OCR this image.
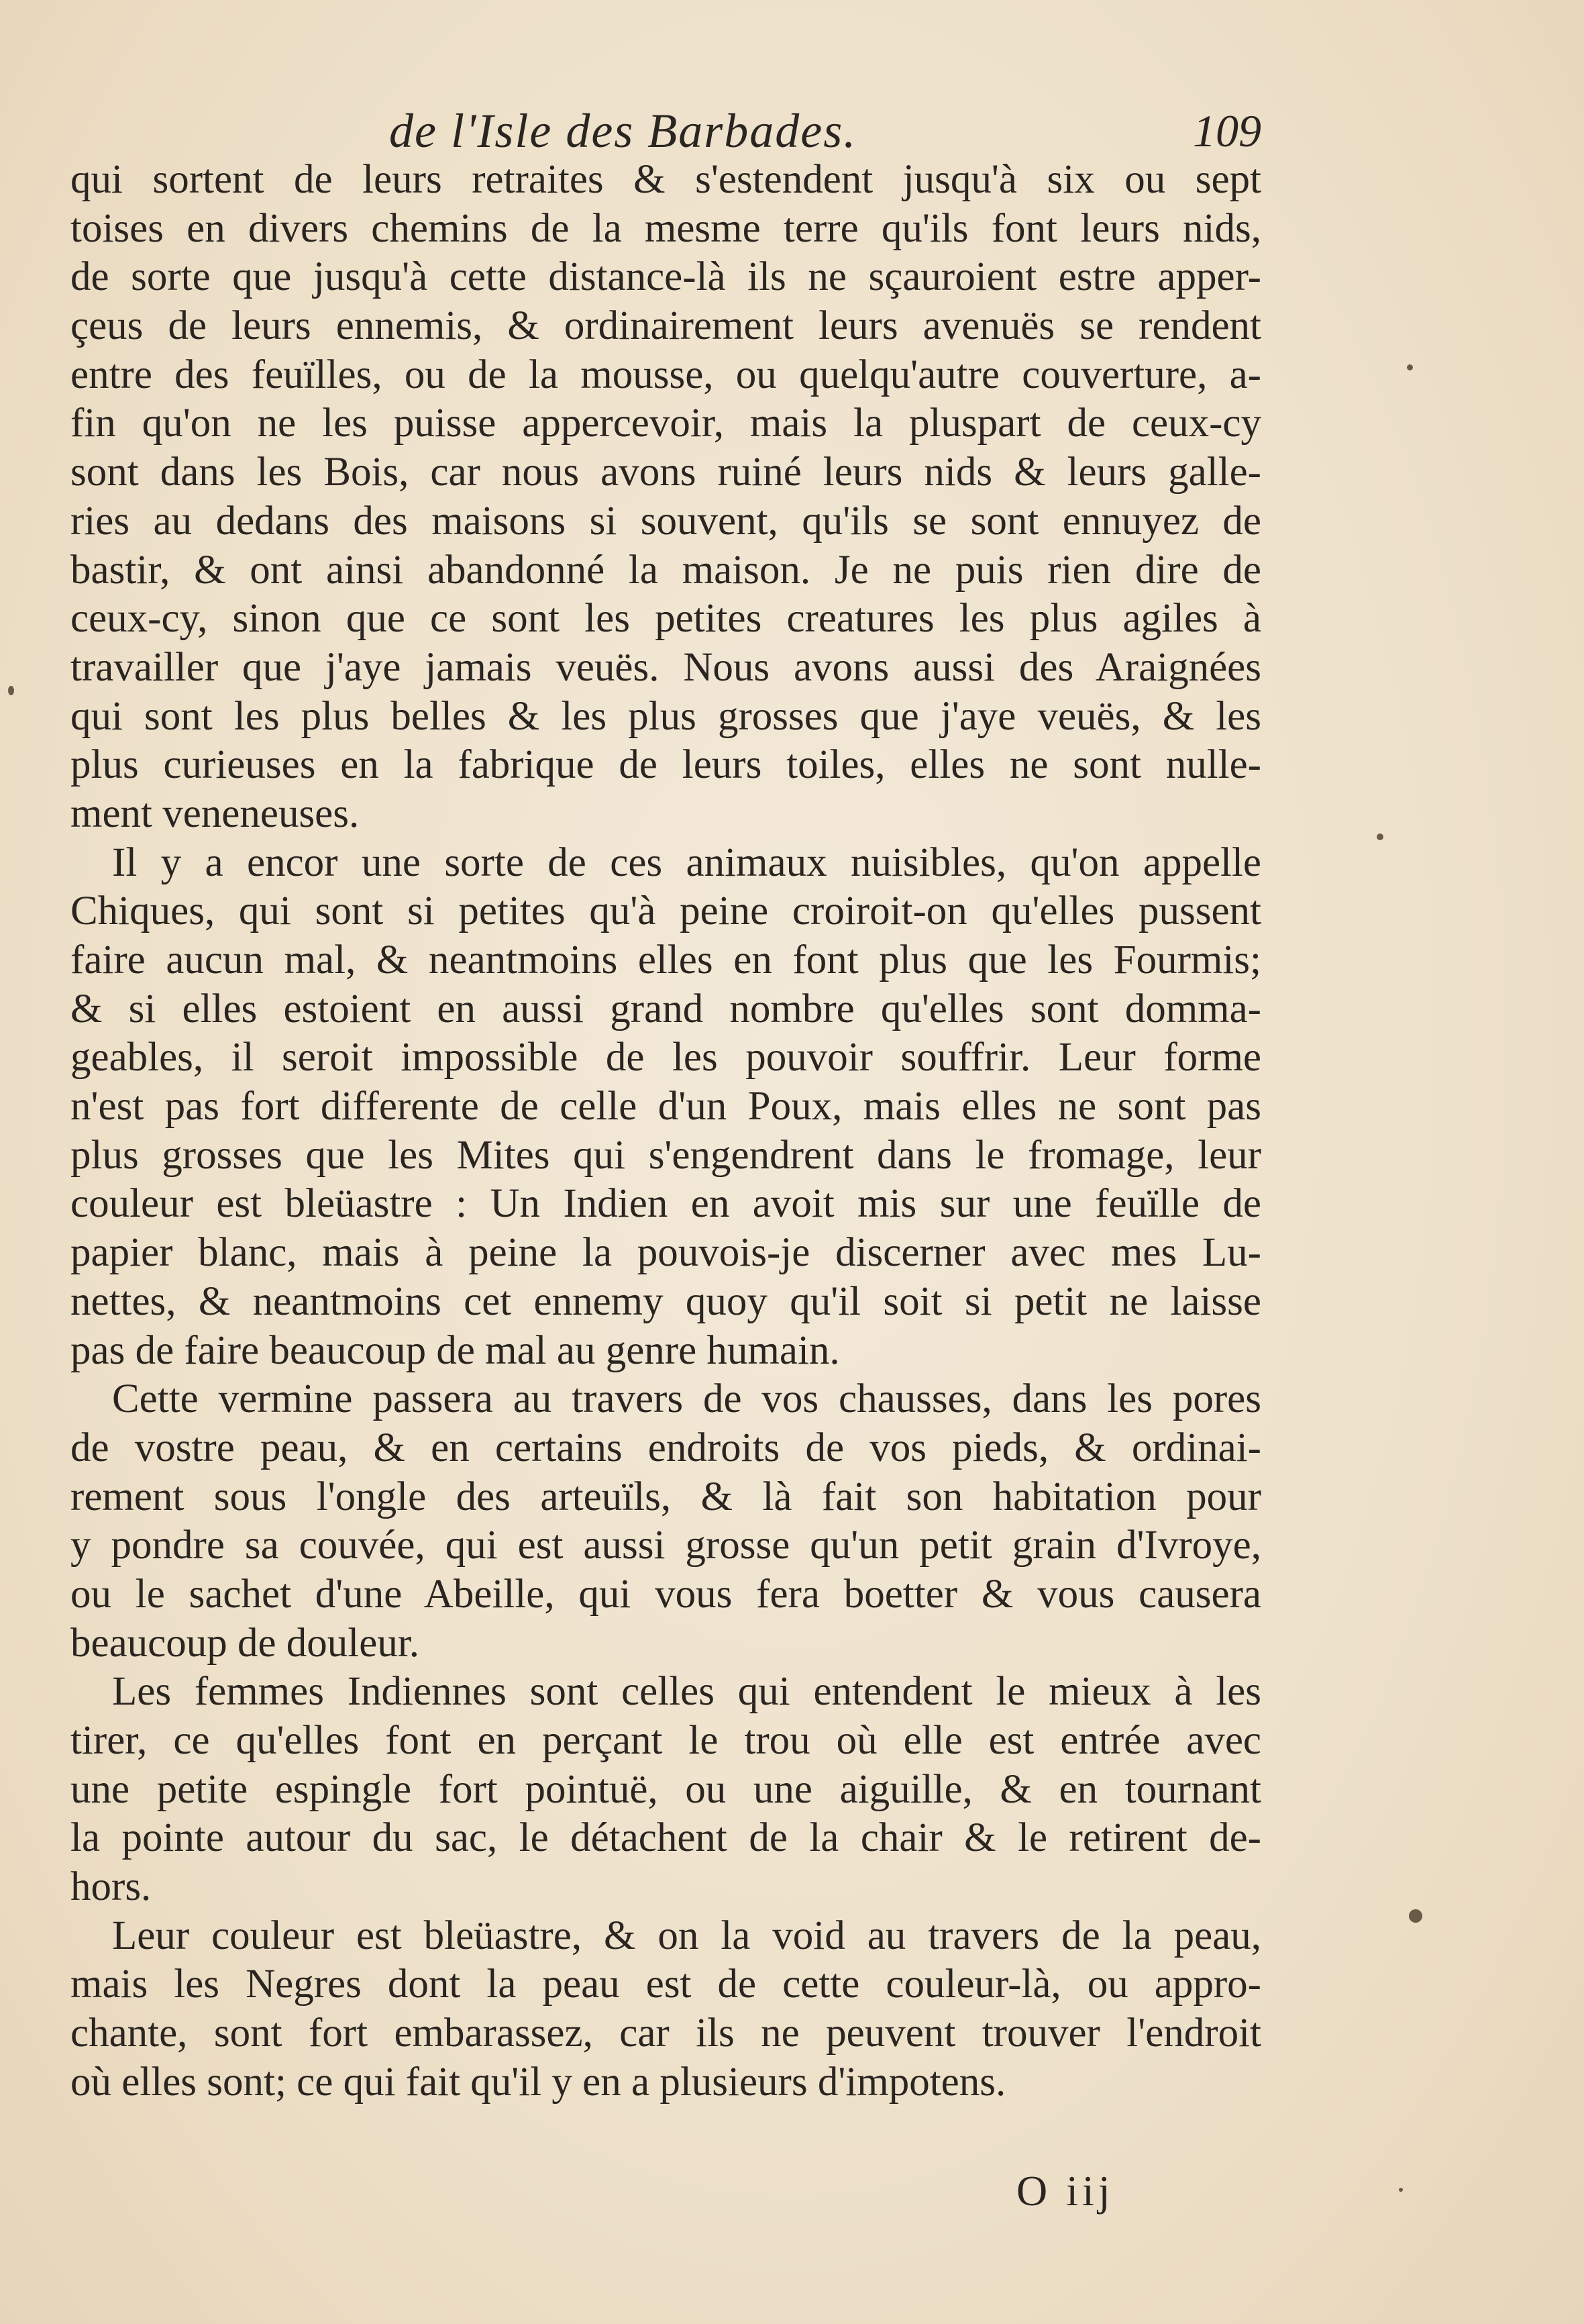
de l'Isle des Barbades.	109
qui sortent de leurs retraites & s'estendent jusqu'à six ou sept
toises en divers chemins de la mesme terre qu'ils font leurs nids,
de sorte que jusqu'à cette distance-là ils ne sçauroient estre apper-
çeus de leurs ennemis, & ordinairement leurs avenuës se rendent
entre des feuïlles, ou de la mousse, ou quelqu'autre couverture, a-
fin qu'on ne les puisse appercevoir, mais la pluspart de ceux-cy
sont dans les Bois, car nous avons ruiné leurs nids & leurs galle-
ries au dedans des maisons si souvent, qu'ils se sont ennuyez de
bastir, & ont ainsi abandonné la maison. Je ne puis rien dire de
ceux-cy, sinon que ce sont les petites creatures les plus agiles à
travailler que j'aye jamais veuës. Nous avons aussi des Araignées
qui sont les plus belles & les plus grosses que j'aye veuës, & les
plus curieuses en la fabrique de leurs toiles, elles ne sont nulle-
ment veneneuses.
Il y a encor une sorte de ces animaux nuisibles, qu'on appelle
Chiques, qui sont si petites qu'à peine croiroit-on qu'elles pussent
faire aucun mal, & neantmoins elles en font plus que les Fourmis;
& si elles estoient en aussi grand nombre qu'elles sont domma-
geables, il seroit impossible de les pouvoir souffrir. Leur forme
n'est pas fort differente de celle d'un Poux, mais elles ne sont pas
plus grosses que les Mites qui s'engendrent dans le fromage, leur
couleur est bleüastre : Un Indien en avoit mis sur une feuïlle de
papier blanc, mais à peine la pouvois-je discerner avec mes Lu-
nettes, & neantmoins cet ennemy quoy qu'il soit si petit ne laisse
pas de faire beaucoup de mal au genre humain.
Cette vermine passera au travers de vos chausses, dans les pores
de vostre peau, & en certains endroits de vos pieds, & ordinai-
rement sous l'ongle des arteuïls, & là fait son habitation pour
y pondre sa couvée, qui est aussi grosse qu'un petit grain d'Ivroye,
ou le sachet d'une Abeille, qui vous fera boetter & vous causera
beaucoup de douleur.
Les femmes Indiennes sont celles qui entendent le mieux à les
tirer, ce qu'elles font en perçant le trou où elle est entrée avec
une petite espingle fort pointuë, ou une aiguille, & en tournant
la pointe autour du sac, le détachent de la chair & le retirent de-
hors.
Leur couleur est bleüastre, & on la void au travers de la peau,
mais les Negres dont la peau est de cette couleur-là, ou appro-
chante, sont fort embarassez, car ils ne peuvent trouver l'endroit
où elles sont; ce qui fait qu'il y en a plusieurs d'impotens.
O iij
